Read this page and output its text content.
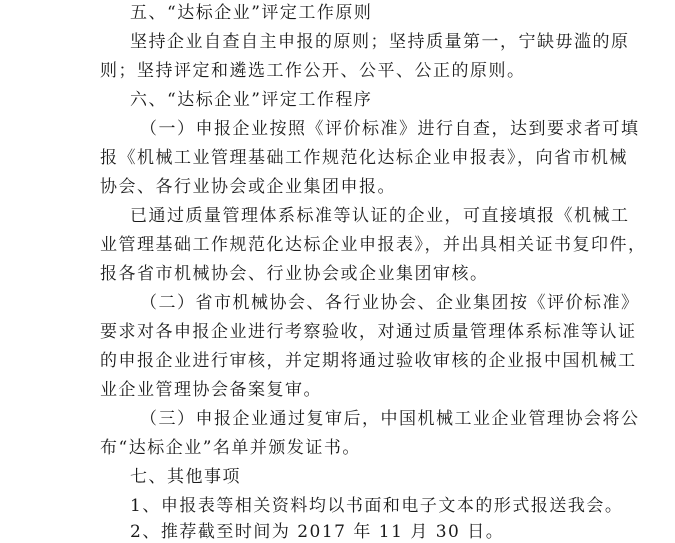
五、“达标企业”评定工作原则
坚持企业自查自主申报的原则；坚持质量第一，宁缺毋滥的原
则；坚持评定和遴选工作公开、公平、公正的原则。
六、“达标企业”评定工作程序
（一）申报企业按照《评价标准》进行自查，达到要求者可填
报《机械工业管理基础工作规范化达标企业申报表》，向省市机械
协会、各行业协会或企业集团申报。
已通过质量管理体系标准等认证的企业，可直接填报《机械工
业管理基础工作规范化达标企业申报表》，并出具相关证书复印件，
报各省市机械协会、行业协会或企业集团审核。
（二）省市机械协会、各行业协会、企业集团按《评价标准》
要求对各申报企业进行考察验收，对通过质量管理体系标准等认证
的申报企业进行审核，并定期将通过验收审核的企业报中国机械工
业企业管理协会备案复审。
（三）申报企业通过复审后，中国机械工业企业管理协会将公
布“达标企业”名单并颁发证书。
七、其他事项
1、申报表等相关资料均以书面和电子文本的形式报送我会。
2、推荐截至时间为 2017 年 11 月 30 日。
